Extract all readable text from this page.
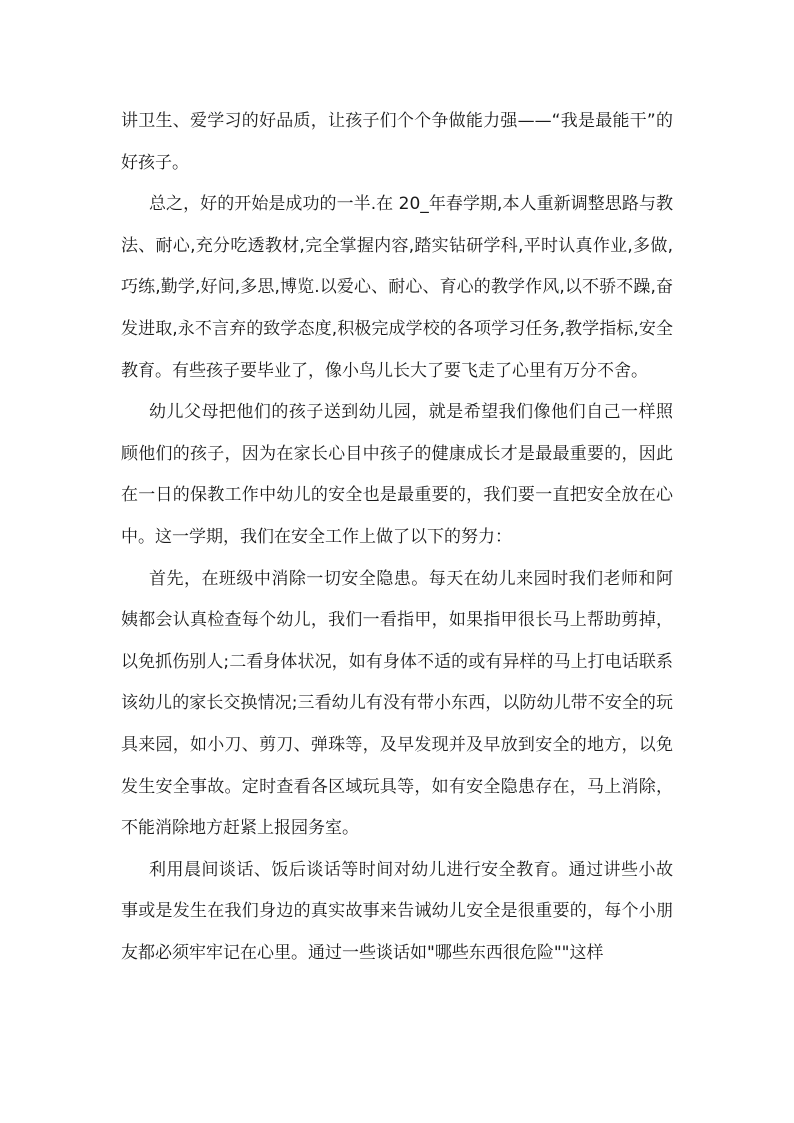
讲卫生、爱学习的好品质，让孩子们个个争做能力强——“我是最能干”的好孩子。

总之，好的开始是成功的一半.在 20_年春学期,本人重新调整思路与教法、耐心,充分吃透教材,完全掌握内容,踏实钻研学科,平时认真作业,多做,巧练,勤学,好问,多思,博览.以爱心、耐心、育心的教学作风,以不骄不躁,奋发进取,永不言弃的致学态度,积极完成学校的各项学习任务,教学指标,安全教育。有些孩子要毕业了，像小鸟儿长大了要飞走了心里有万分不舍。

幼儿父母把他们的孩子送到幼儿园，就是希望我们像他们自己一样照顾他们的孩子，因为在家长心目中孩子的健康成长才是最最重要的，因此在一日的保教工作中幼儿的安全也是最重要的，我们要一直把安全放在心中。这一学期，我们在安全工作上做了以下的努力：

首先，在班级中消除一切安全隐患。每天在幼儿来园时我们老师和阿姨都会认真检查每个幼儿，我们一看指甲，如果指甲很长马上帮助剪掉，以免抓伤别人;二看身体状况，如有身体不适的或有异样的马上打电话联系该幼儿的家长交换情况;三看幼儿有没有带小东西，以防幼儿带不安全的玩具来园，如小刀、剪刀、弹珠等，及早发现并及早放到安全的地方，以免发生安全事故。定时查看各区域玩具等，如有安全隐患存在，马上消除，不能消除地方赶紧上报园务室。

利用晨间谈话、饭后谈话等时间对幼儿进行安全教育。通过讲些小故事或是发生在我们身边的真实故事来告诫幼儿安全是很重要的，每个小朋友都必须牢牢记在心里。通过一些谈话如"哪些东西很危险""这样
